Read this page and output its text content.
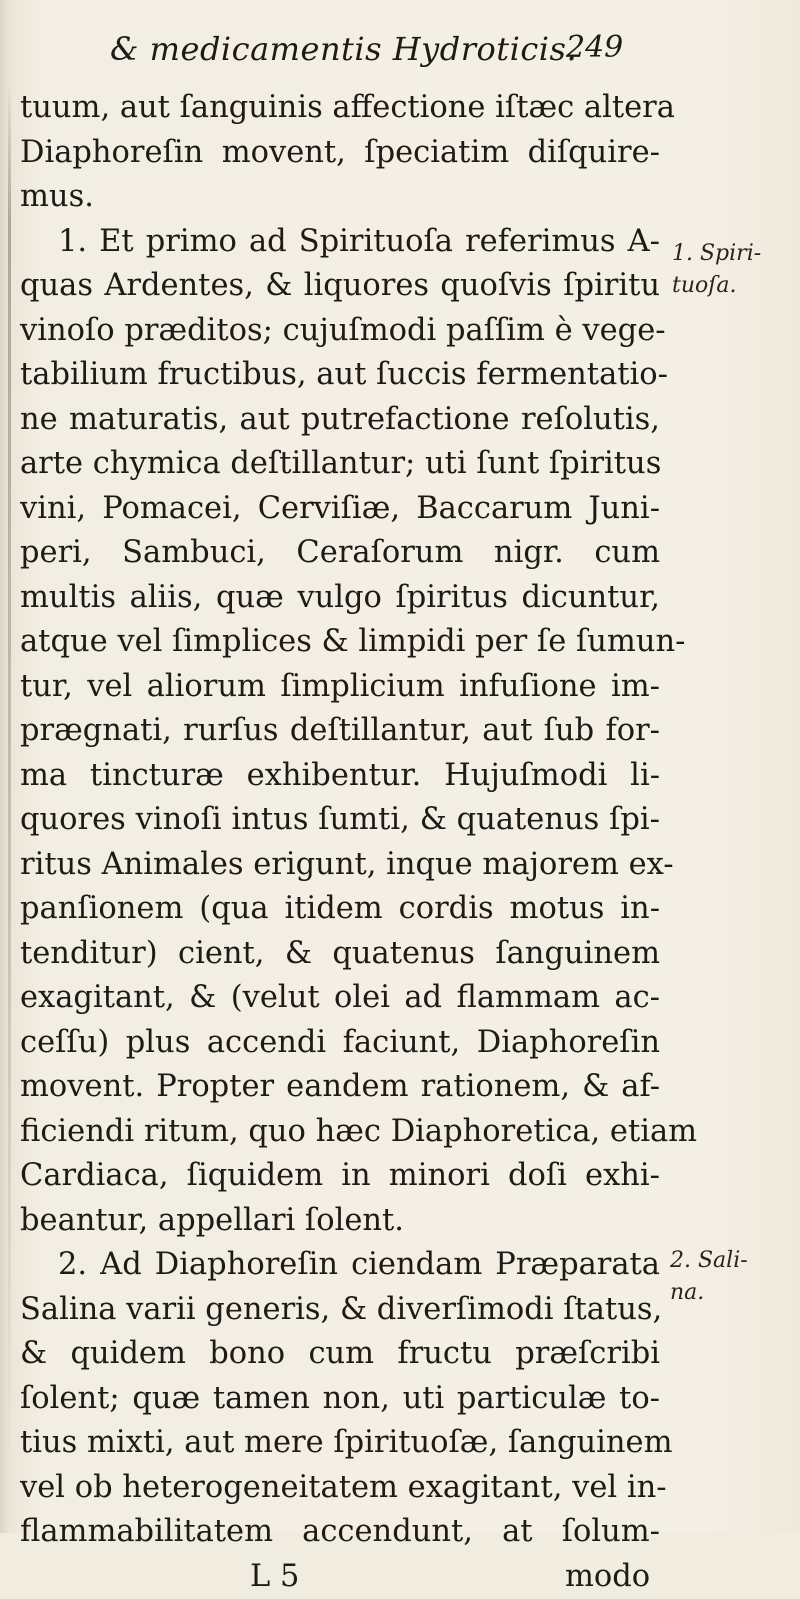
& medicamentis Hydroticis.
249
tuum, aut ſanguinis affectione iſtæc altera
Diaphoreſin movent, ſpeciatim diſquire-
mus.
1. Et primo ad Spirituoſa referimus A-
quas Ardentes, & liquores quoſvis ſpiritu
vinoſo præditos; cujuſmodi paſſim è vege-
tabilium fructibus, aut ſuccis fermentatio-
ne maturatis, aut putrefactione reſolutis,
arte chymica deſtillantur; uti ſunt ſpiritus
vini, Pomacei, Cerviſiæ, Baccarum Juni-
peri, Sambuci, Ceraſorum nigr. cum
multis aliis, quæ vulgo ſpiritus dicuntur,
atque vel ſimplices & limpidi per ſe ſumun-
tur, vel aliorum ſimplicium infuſione im-
prægnati, rurſus deſtillantur, aut ſub for-
ma tincturæ exhibentur. Hujuſmodi li-
quores vinoſi intus ſumti, & quatenus ſpi-
ritus Animales erigunt, inque majorem ex-
panſionem (qua itidem cordis motus in-
tenditur) cient, & quatenus ſanguinem
exagitant, & (velut olei ad flammam ac-
ceſſu) plus accendi faciunt, Diaphoreſin
movent. Propter eandem rationem, & af-
ficiendi ritum, quo hæc Diaphoretica, etiam
Cardiaca, ſiquidem in minori doſi exhi-
beantur, appellari ſolent.
2. Ad Diaphoreſin ciendam Præparata
Salina varii generis, & diverſimodi ſtatus,
& quidem bono cum fructu præſcribi
ſolent; quæ tamen non, uti particulæ to-
tius mixti, aut mere ſpirituoſæ, ſanguinem
vel ob heterogeneitatem exagitant, vel in-
flammabilitatem accendunt, at ſolum-
L 5	modo
1. Spiri-
tuoſa.
2. Sali-
na.
